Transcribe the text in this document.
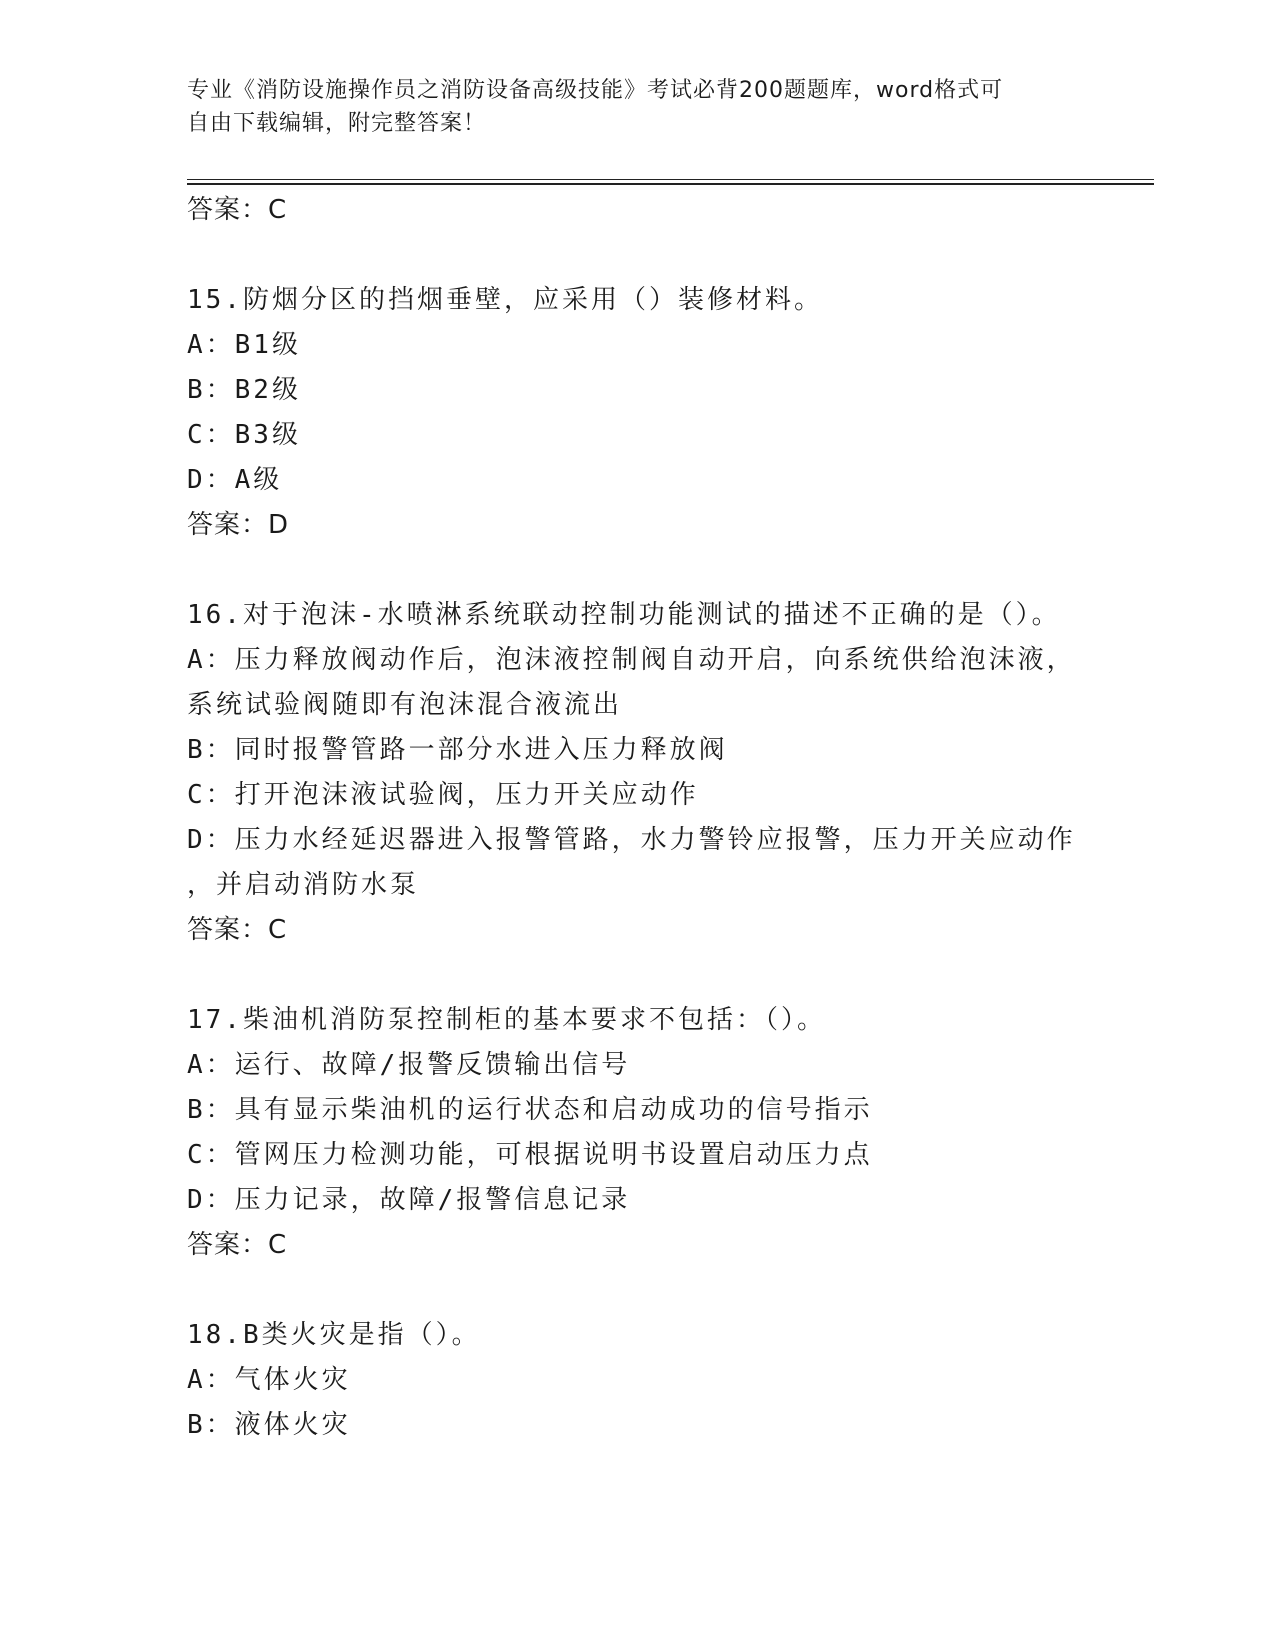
专业《消防设施操作员之消防设备高级技能》考试必背200题题库，word格式可
自由下载编辑，附完整答案！
答案：C
15.防烟分区的挡烟垂壁，应采用（）装修材料。
A：B1级
B：B2级
C：B3级
D：A级
答案：D
16.对于泡沫-水喷淋系统联动控制功能测试的描述不正确的是（）。
A：压力释放阀动作后，泡沫液控制阀自动开启，向系统供给泡沫液，
系统试验阀随即有泡沫混合液流出
B：同时报警管路一部分水进入压力释放阀
C：打开泡沫液试验阀，压力开关应动作
D：压力水经延迟器进入报警管路，水力警铃应报警，压力开关应动作
，并启动消防水泵
答案：C
17.柴油机消防泵控制柜的基本要求不包括：（）。
A：运行、故障/报警反馈输出信号
B：具有显示柴油机的运行状态和启动成功的信号指示
C：管网压力检测功能，可根据说明书设置启动压力点
D：压力记录，故障/报警信息记录
答案：C
18.B类火灾是指（）。
A：气体火灾
B：液体火灾
